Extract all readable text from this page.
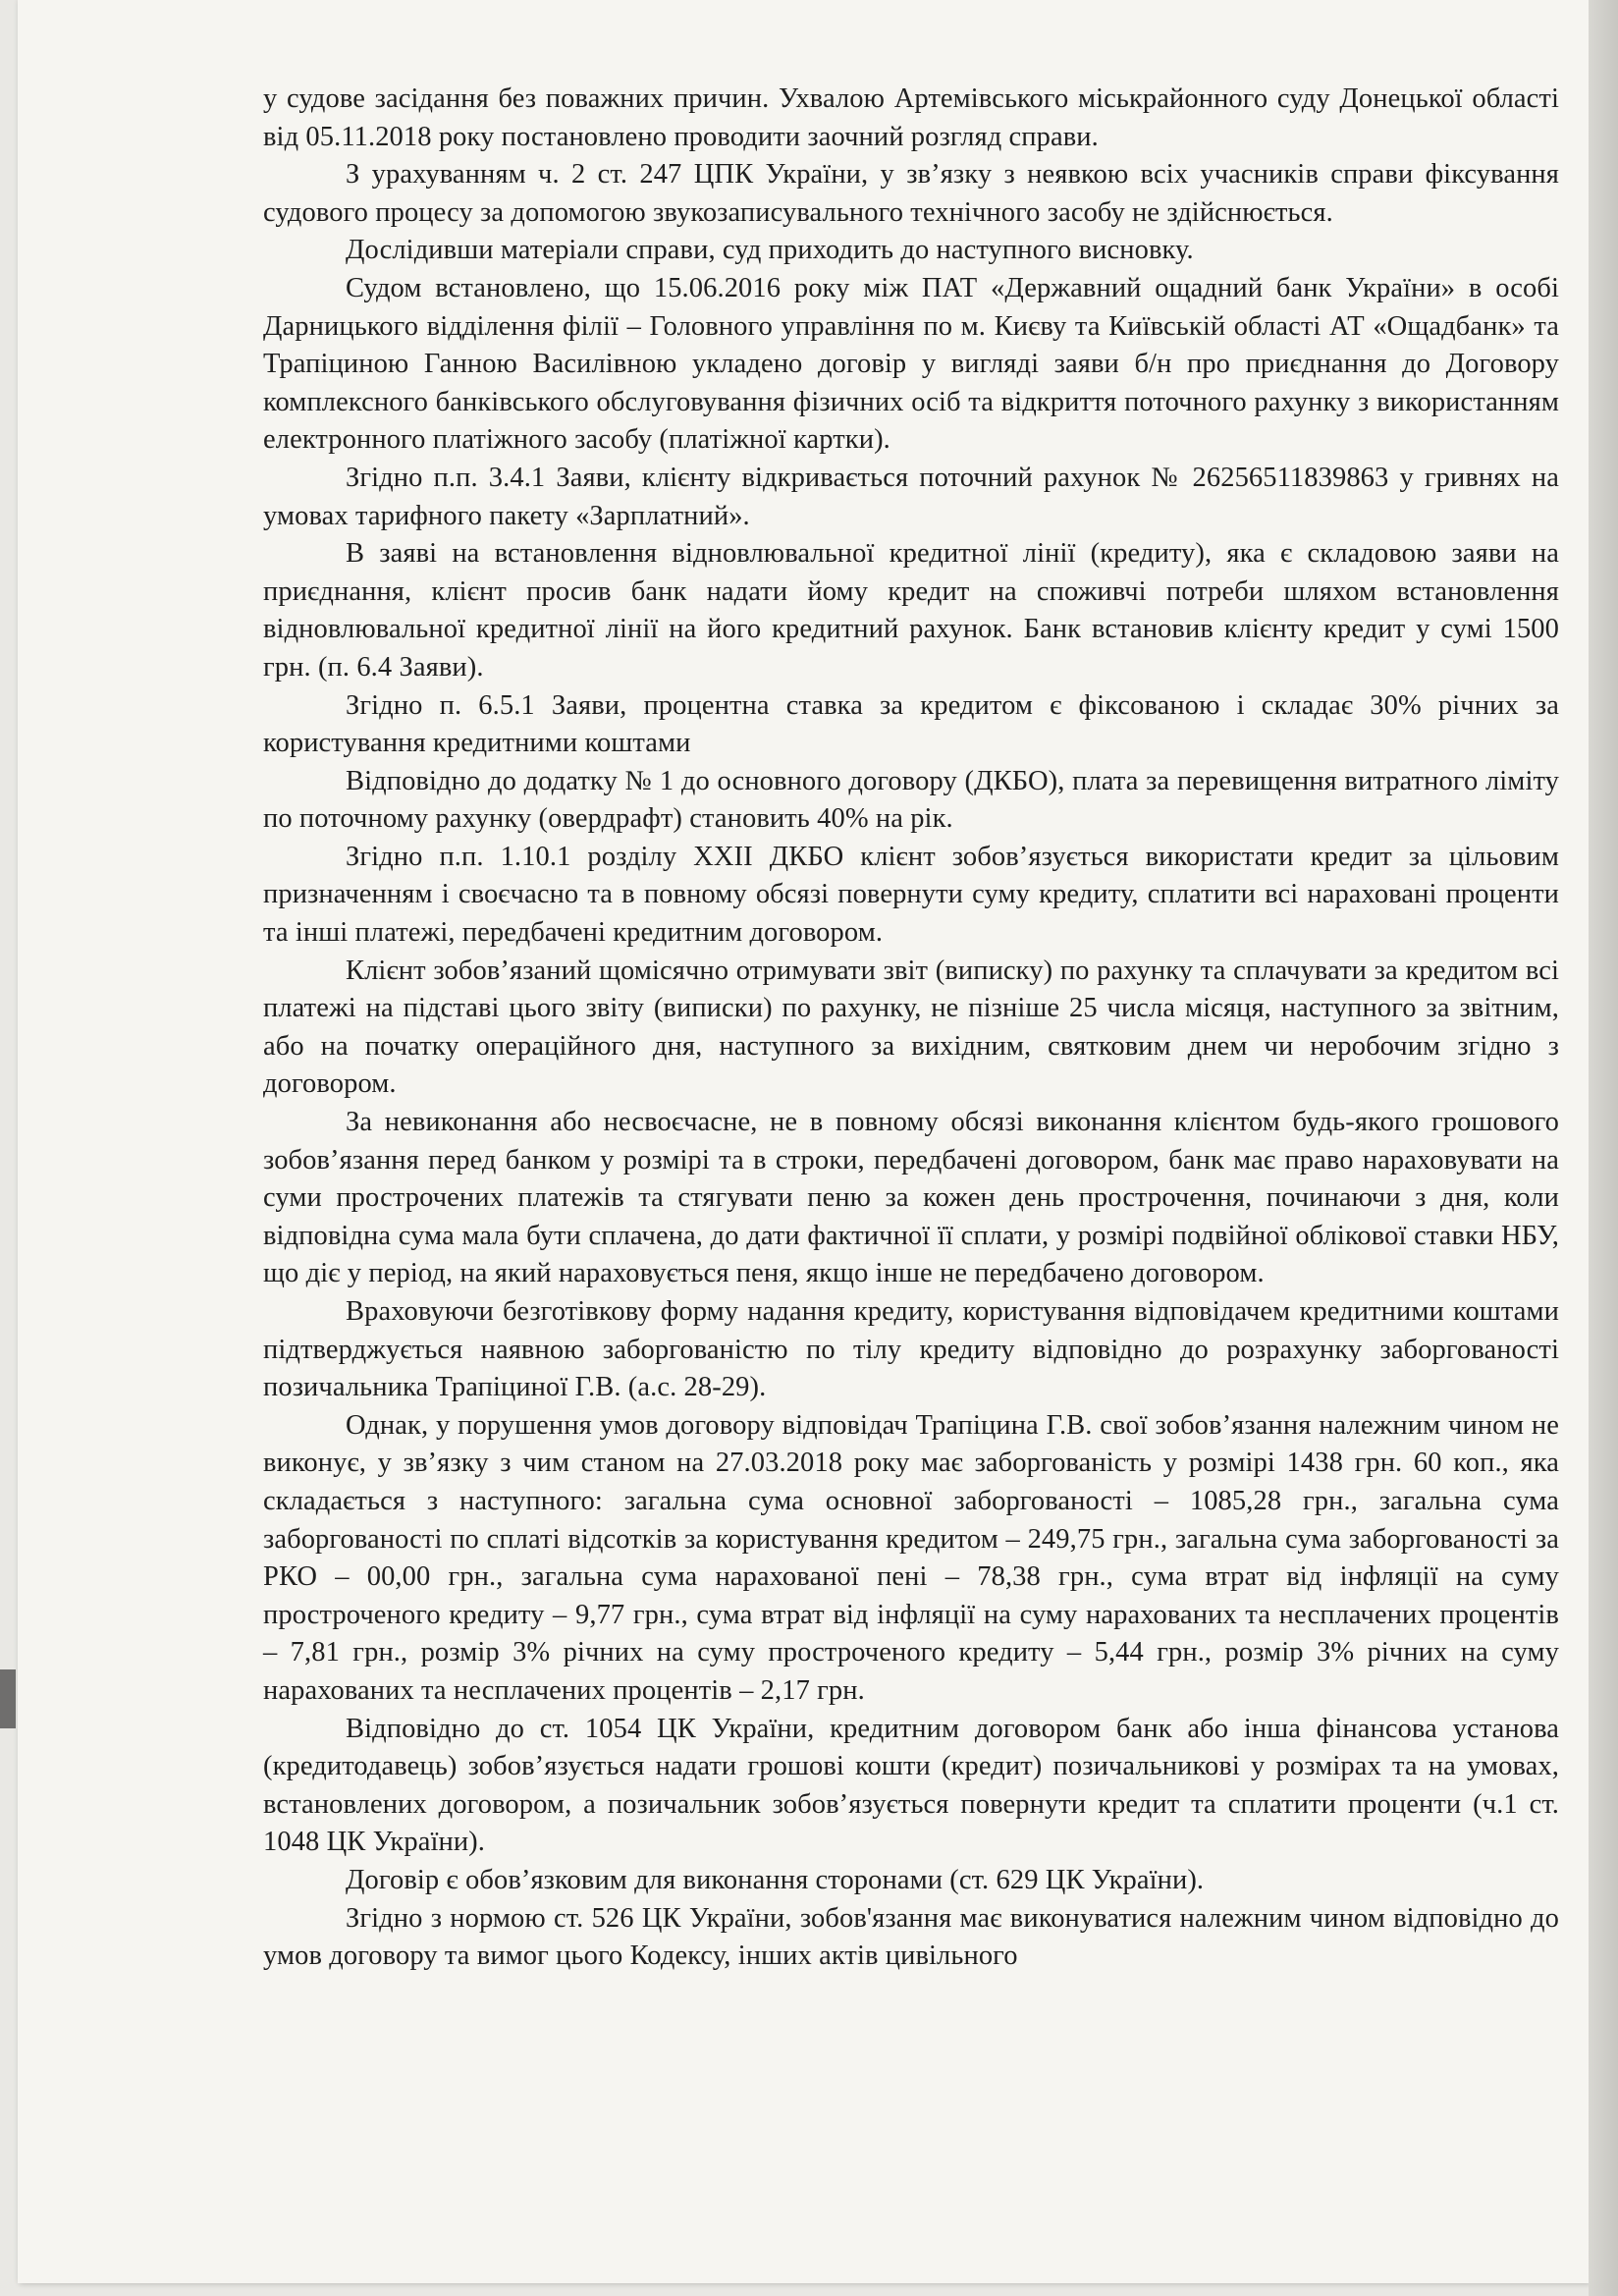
у судове засідання без поважних причин. Ухвалою Артемівського міськрайонного суду Донецької області від 05.11.2018 року постановлено проводити заочний розгляд справи.

З урахуванням ч. 2 ст. 247 ЦПК України, у зв’язку з неявкою всіх учасників справи фіксування судового процесу за допомогою звукозаписувального технічного засобу не здійснюється.

Дослідивши матеріали справи, суд приходить до наступного висновку.

Судом встановлено, що 15.06.2016 року між ПАТ «Державний ощадний банк України» в особі Дарницького відділення філії – Головного управління по м. Києву та Київській області АТ «Ощадбанк» та Трапіциною Ганною Василівною укладено договір у вигляді заяви б/н про приєднання до Договору комплексного банківського обслуговування фізичних осіб та відкриття поточного рахунку з використанням електронного платіжного засобу (платіжної картки).

Згідно п.п. 3.4.1 Заяви, клієнту відкривається поточний рахунок № 26256511839863 у гривнях на умовах тарифного пакету «Зарплатний».

В заяві на встановлення відновлювальної кредитної лінії (кредиту), яка є складовою заяви на приєднання, клієнт просив банк надати йому кредит на споживчі потреби шляхом встановлення відновлювальної кредитної лінії на його кредитний рахунок. Банк встановив клієнту кредит у сумі 1500 грн. (п. 6.4 Заяви).

Згідно п. 6.5.1 Заяви, процентна ставка за кредитом є фіксованою і складає 30% річних за користування кредитними коштами

Відповідно до додатку № 1 до основного договору (ДКБО), плата за перевищення витратного ліміту по поточному рахунку (овердрафт) становить 40% на рік.

Згідно п.п. 1.10.1 розділу XXII ДКБО клієнт зобов’язується використати кредит за цільовим призначенням і своєчасно та в повному обсязі повернути суму кредиту, сплатити всі нараховані проценти та інші платежі, передбачені кредитним договором.

Клієнт зобов’язаний щомісячно отримувати звіт (виписку) по рахунку та сплачувати за кредитом всі платежі на підставі цього звіту (виписки) по рахунку, не пізніше 25 числа місяця, наступного за звітним, або на початку операційного дня, наступного за вихідним, святковим днем чи неробочим згідно з договором.

За невиконання або несвоєчасне, не в повному обсязі виконання клієнтом будь-якого грошового зобов’язання перед банком у розмірі та в строки, передбачені договором, банк має право нараховувати на суми прострочених платежів та стягувати пеню за кожен день прострочення, починаючи з дня, коли відповідна сума мала бути сплачена, до дати фактичної її сплати, у розмірі подвійної облікової ставки НБУ, що діє у період, на який нараховується пеня, якщо інше не передбачено договором.

Враховуючи безготівкову форму надання кредиту, користування відповідачем кредитними коштами підтверджується наявною заборгованістю по тілу кредиту відповідно до розрахунку заборгованості позичальника Трапіциної Г.В. (а.с. 28-29).

Однак, у порушення умов договору відповідач Трапіцина Г.В. свої зобов’язання належним чином не виконує, у зв’язку з чим станом на 27.03.2018 року має заборгованість у розмірі 1438 грн. 60 коп., яка складається з наступного: загальна сума основної заборгованості – 1085,28 грн., загальна сума заборгованості по сплаті відсотків за користування кредитом – 249,75 грн., загальна сума заборгованості за РКО – 00,00 грн., загальна сума нарахованої пені – 78,38 грн., сума втрат від інфляції на суму простроченого кредиту – 9,77 грн., сума втрат від інфляції на суму нарахованих та несплачених процентів – 7,81 грн., розмір 3% річних на суму простроченого кредиту – 5,44 грн., розмір 3% річних на суму нарахованих та несплачених процентів – 2,17 грн.

Відповідно до ст. 1054 ЦК України, кредитним договором банк або інша фінансова установа (кредитодавець) зобов’язується надати грошові кошти (кредит) позичальникові у розмірах та на умовах, встановлених договором, а позичальник зобов’язується повернути кредит та сплатити проценти (ч.1 ст. 1048 ЦК України).

Договір є обов’язковим для виконання сторонами (ст. 629 ЦК України).

Згідно з нормою ст. 526 ЦК України, зобов'язання має виконуватися належним чином відповідно до умов договору та вимог цього Кодексу, інших актів цивільного
